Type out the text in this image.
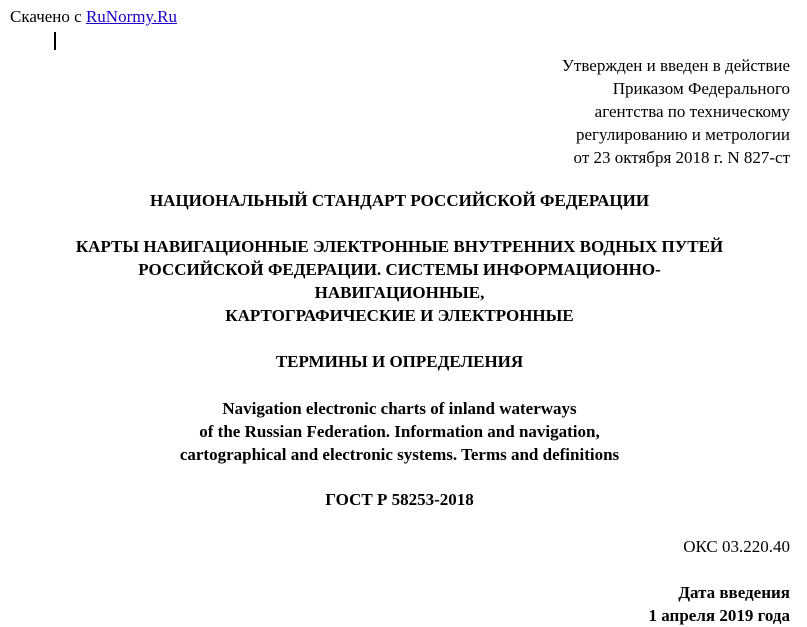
Скачено с RuNormy.Ru
Утвержден и введен в действие
Приказом Федерального
агентства по техническому
регулированию и метрологии
от 23 октября 2018 г. N 827-ст
НАЦИОНАЛЬНЫЙ СТАНДАРТ РОССИЙСКОЙ ФЕДЕРАЦИИ
КАРТЫ НАВИГАЦИОННЫЕ ЭЛЕКТРОННЫЕ ВНУТРЕННИХ ВОДНЫХ ПУТЕЙ
РОССИЙСКОЙ ФЕДЕРАЦИИ. СИСТЕМЫ ИНФОРМАЦИОННО-
НАВИГАЦИОННЫЕ,
КАРТОГРАФИЧЕСКИЕ И ЭЛЕКТРОННЫЕ
ТЕРМИНЫ И ОПРЕДЕЛЕНИЯ
Navigation electronic charts of inland waterways
of the Russian Federation. Information and navigation,
cartographical and electronic systems. Terms and definitions
ГОСТ Р 58253-2018
ОКС 03.220.40
Дата введения
1 апреля 2019 года
